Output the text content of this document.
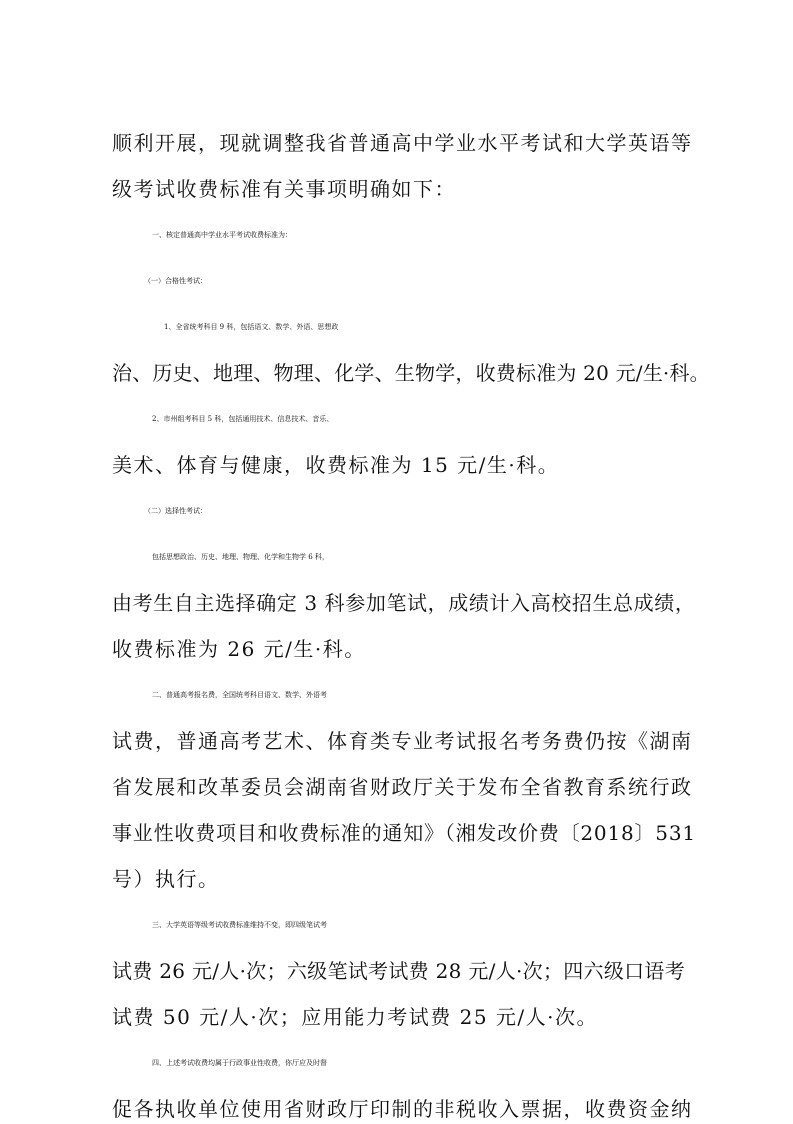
顺利开展，现就调整我省普通高中学业水平考试和大学英语等
级考试收费标准有关事项明确如下：
一、核定普通高中学业水平考试收费标准为：
（一）合格性考试：
1、全省统考科目 9 科，包括语文、数学、外语、思想政
治、历史、地理、物理、化学、生物学，收费标准为 20 元/生·科。
2、市州组考科目 5 科，包括通用技术、信息技术、音乐、
美术、体育与健康，收费标准为 15 元/生·科。
（二）选择性考试：
包括思想政治、历史、地理、物理、化学和生物学 6 科，
由考生自主选择确定 3 科参加笔试，成绩计入高校招生总成绩，
收费标准为 26 元/生·科。
二、普通高考报名费，全国统考科目语文、数学、外语考
试费，普通高考艺术、体育类专业考试报名考务费仍按《湖南
省发展和改革委员会湖南省财政厅关于发布全省教育系统行政
事业性收费项目和收费标准的通知》（湘发改价费〔2018〕531
号）执行。
三、大学英语等级考试收费标准维持不变，即四级笔试考
试费 26 元/人·次；六级笔试考试费 28 元/人·次；四六级口语考
试费 50 元/人·次；应用能力考试费 25 元/人·次。
四、上述考试收费均属于行政事业性收费，你厅应及时督
促各执收单位使用省财政厅印制的非税收入票据，收费资金纳
